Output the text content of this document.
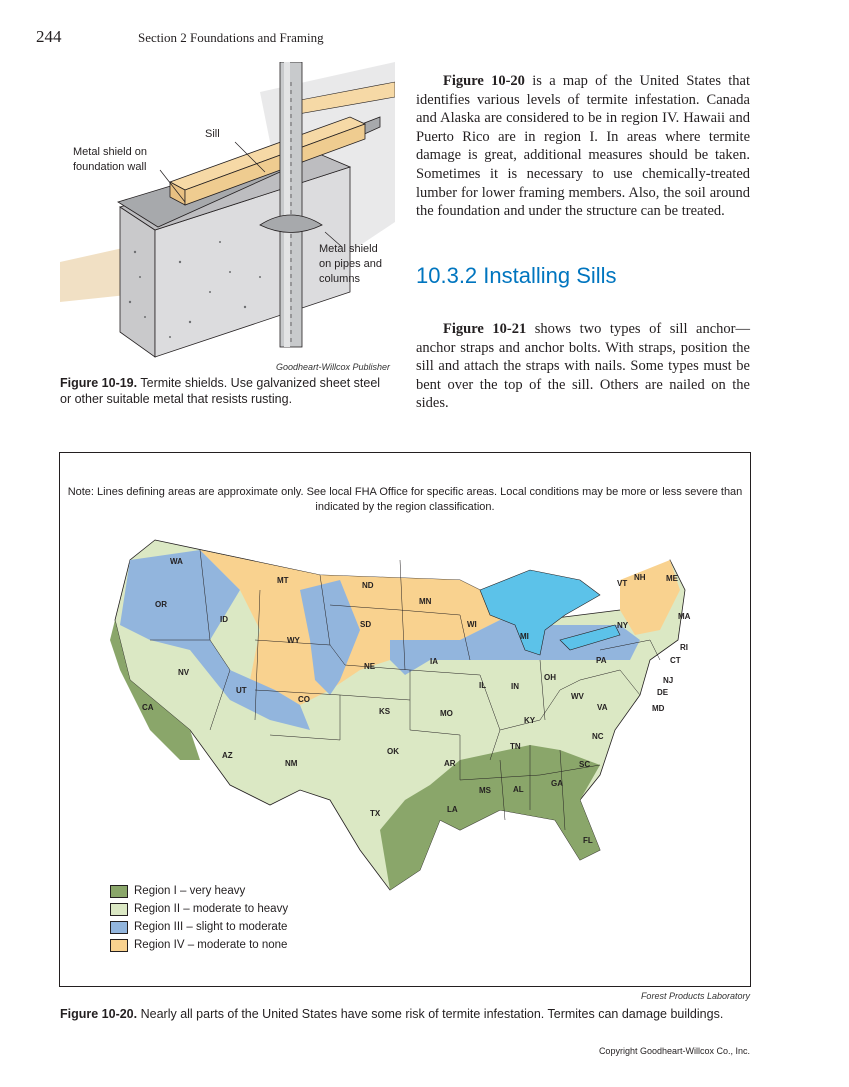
244	Section 2 Foundations and Framing
Sill
Metal shield on foundation wall
Metal shield on pipes and columns
Goodheart-Willcox Publisher
Figure 10-19. Termite shields. Use galvanized sheet steel or other suitable metal that resists rusting.
Figure 10-20 is a map of the United States that identifies various levels of termite infestation. Canada and Alaska are considered to be in region IV. Hawaii and Puerto Rico are in region I. In areas where termite damage is great, additional measures should be taken. Sometimes it is necessary to use chemically-treated lumber for lower framing members. Also, the soil around the foundation and under the structure can be treated.
10.3.2 Installing Sills
Figure 10-21 shows two types of sill anchor—anchor straps and anchor bolts. With straps, position the sill and attach the straps with nails. Some types must be bent over the top of the sill. Others are nailed on the sides.
Note: Lines defining areas are approximate only. See local FHA Office for specific areas. Local conditions may be more or less severe than indicated by the region classification.
WA
OR
CA
ID
NV
MT
WY
UT
AZ
CO
NM
ND
SD
NE
KS
OK
TX
MN
IA
MO
AR
LA
WI
IL
MS
MI
IN
KY
TN
AL
OH
GA
FL
SC
NC
VA
WV
PA
NY
VT
NH	ME
MA
RI
CT
NJ
DE
MD
Region I – very heavy
Region II – moderate to heavy
Region III – slight to moderate
Region IV – moderate to none
Forest Products Laboratory
Figure 10-20. Nearly all parts of the United States have some risk of termite infestation. Termites can damage buildings.
Copyright Goodheart-Willcox Co., Inc.
